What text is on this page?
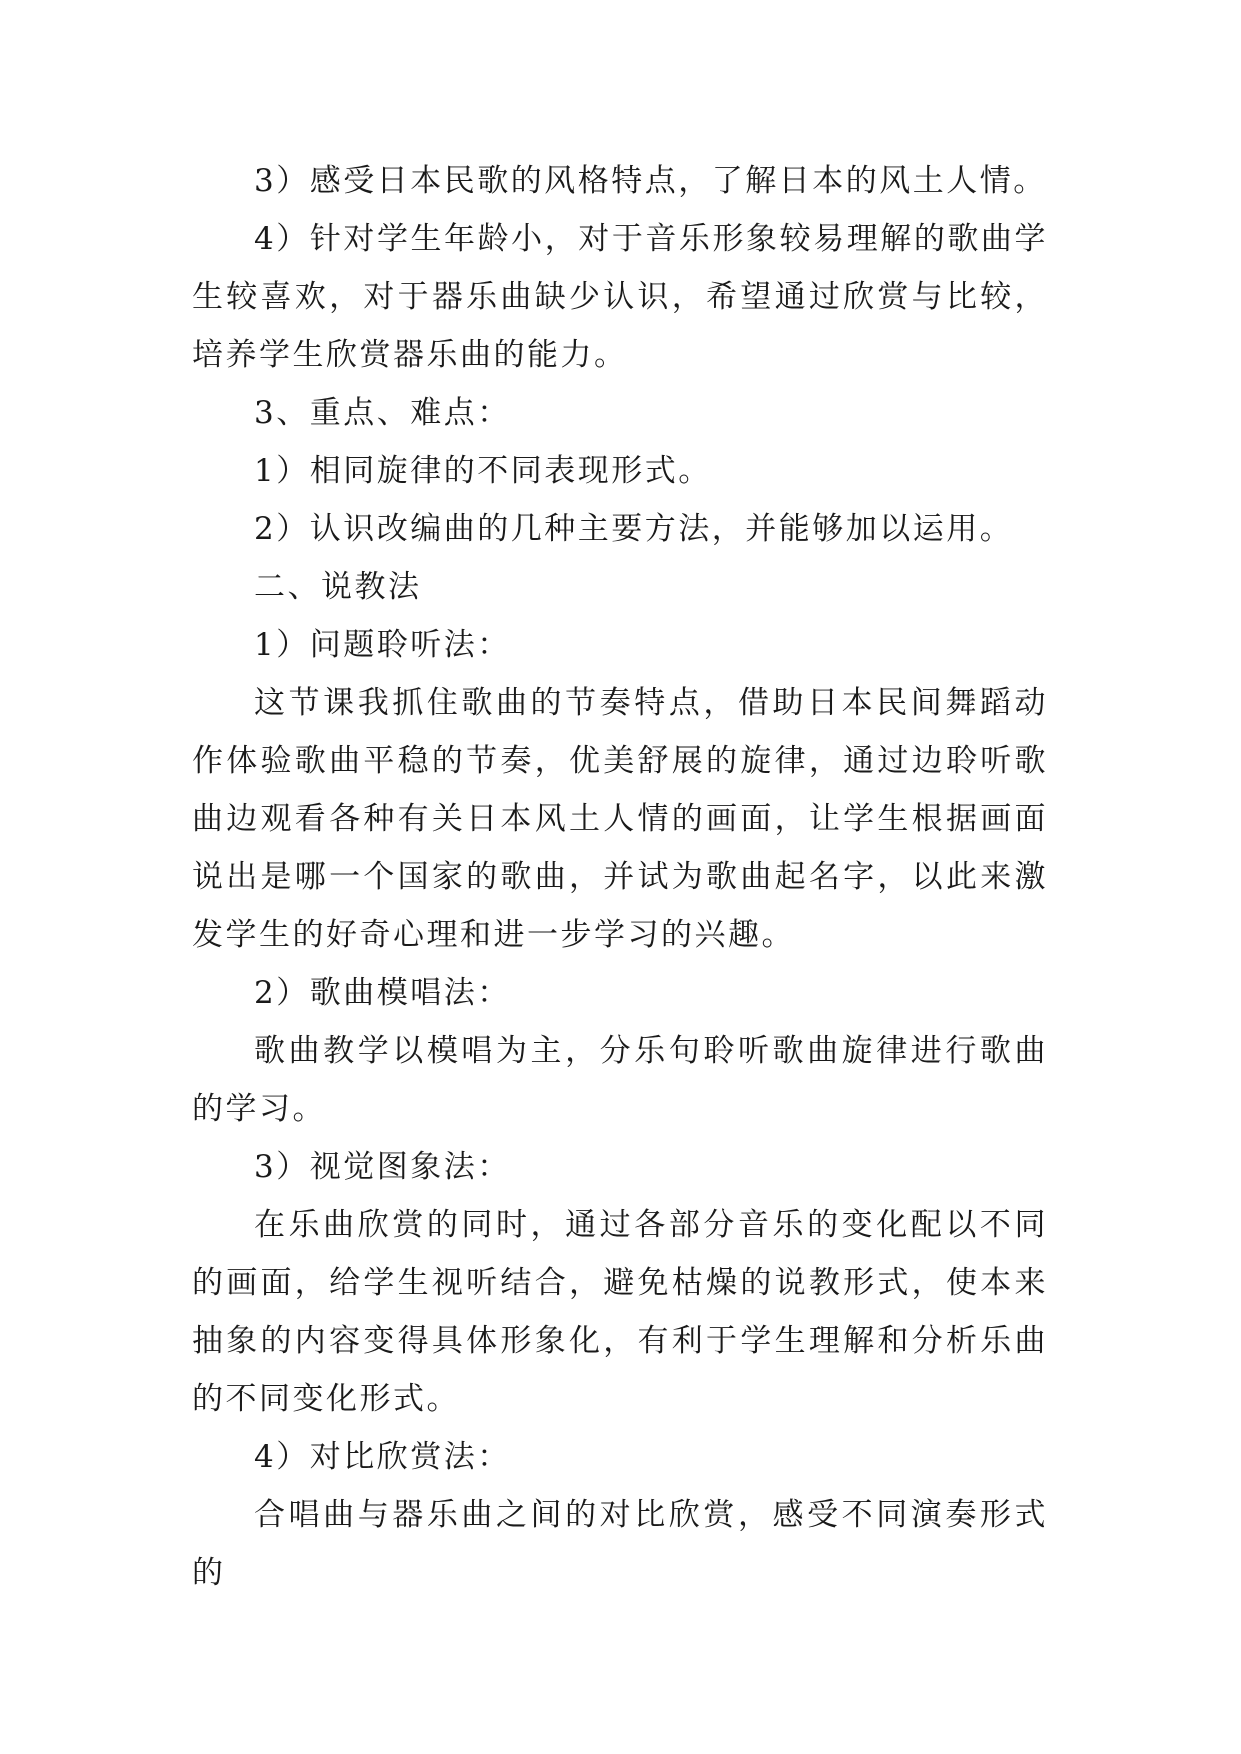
3）感受日本民歌的风格特点，了解日本的风土人情。

4）针对学生年龄小，对于音乐形象较易理解的歌曲学生较喜欢，对于器乐曲缺少认识，希望通过欣赏与比较，培养学生欣赏器乐曲的能力。

3、重点、难点：

1）相同旋律的不同表现形式。

2）认识改编曲的几种主要方法，并能够加以运用。

二、说教法

1）问题聆听法：

这节课我抓住歌曲的节奏特点，借助日本民间舞蹈动作体验歌曲平稳的节奏，优美舒展的旋律，通过边聆听歌曲边观看各种有关日本风土人情的画面，让学生根据画面说出是哪一个国家的歌曲，并试为歌曲起名字，以此来激发学生的好奇心理和进一步学习的兴趣。

2）歌曲模唱法：

歌曲教学以模唱为主，分乐句聆听歌曲旋律进行歌曲的学习。

3）视觉图象法：

在乐曲欣赏的同时，通过各部分音乐的变化配以不同的画面，给学生视听结合，避免枯燥的说教形式，使本来抽象的内容变得具体形象化，有利于学生理解和分析乐曲的不同变化形式。

4）对比欣赏法：

合唱曲与器乐曲之间的对比欣赏，感受不同演奏形式的
